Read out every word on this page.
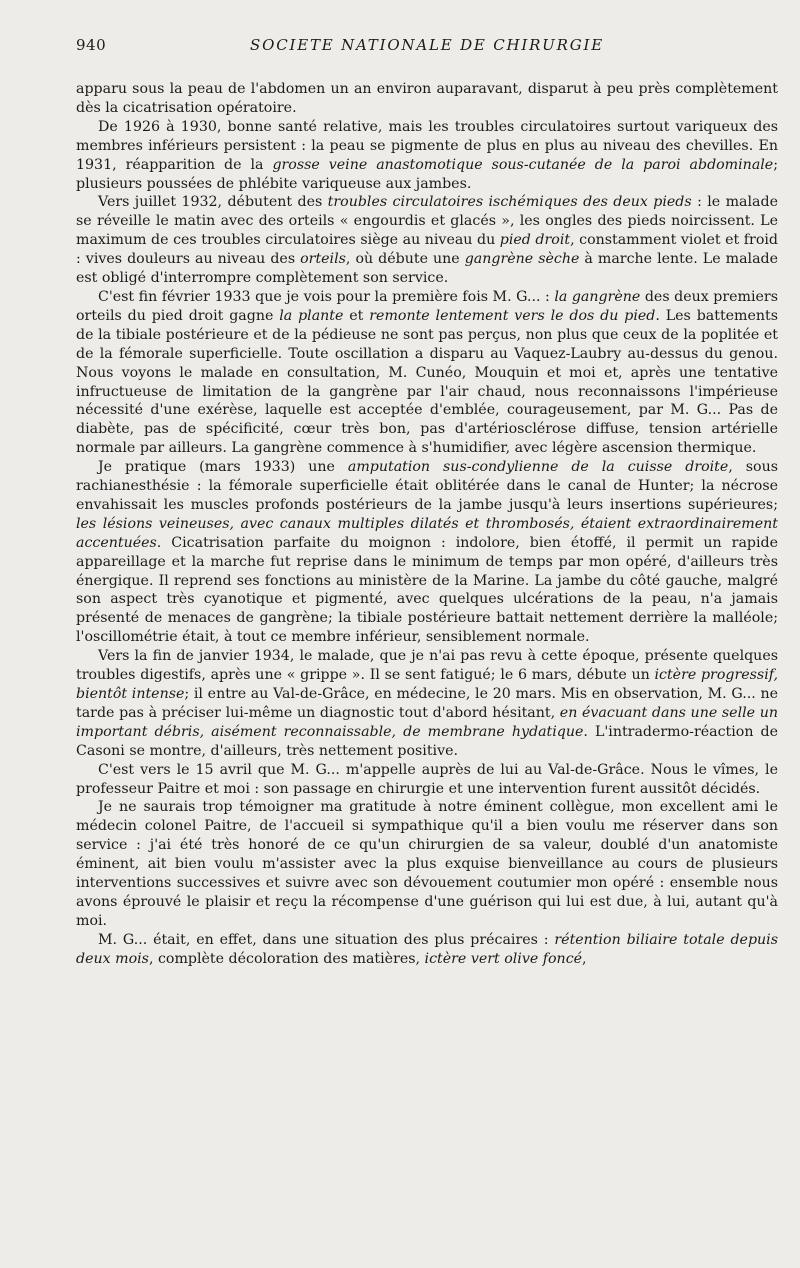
940	SOCIETE NATIONALE DE CHIRURGIE

apparu sous la peau de l'abdomen un an environ auparavant, disparut à peu près complètement dès la cicatrisation opératoire.

De 1926 à 1930, bonne santé relative, mais les troubles circulatoires surtout variqueux des membres inférieurs persistent : la peau se pigmente de plus en plus au niveau des chevilles. En 1931, réapparition de la grosse veine anastomotique sous-cutanée de la paroi abdominale; plusieurs poussées de phlébite variqueuse aux jambes.

Vers juillet 1932, débutent des troubles circulatoires ischémiques des deux pieds : le malade se réveille le matin avec des orteils « engourdis et glacés », les ongles des pieds noircissent. Le maximum de ces troubles circulatoires siège au niveau du pied droit, constamment violet et froid : vives douleurs au niveau des orteils, où débute une gangrène sèche à marche lente. Le malade est obligé d'interrompre complètement son service.

C'est fin février 1933 que je vois pour la première fois M. G... : la gangrène des deux premiers orteils du pied droit gagne la plante et remonte lentement vers le dos du pied. Les battements de la tibiale postérieure et de la pédieuse ne sont pas perçus, non plus que ceux de la poplitée et de la fémorale superficielle. Toute oscillation a disparu au Vaquez-Laubry au-dessus du genou. Nous voyons le malade en consultation, M. Cunéo, Mouquin et moi et, après une tentative infructueuse de limitation de la gangrène par l'air chaud, nous reconnaissons l'impérieuse nécessité d'une exérèse, laquelle est acceptée d'emblée, courageusement, par M. G... Pas de diabète, pas de spécificité, cœur très bon, pas d'artériosclérose diffuse, tension artérielle normale par ailleurs. La gangrène commence à s'humidifier, avec légère ascension thermique.

Je pratique (mars 1933) une amputation sus-condylienne de la cuisse droite, sous rachianesthésie : la fémorale superficielle était oblitérée dans le canal de Hunter; la nécrose envahissait les muscles profonds postérieurs de la jambe jusqu'à leurs insertions supérieures; les lésions veineuses, avec canaux multiples dilatés et thrombosés, étaient extraordinairement accentuées. Cicatrisation parfaite du moignon : indolore, bien étoffé, il permit un rapide appareillage et la marche fut reprise dans le minimum de temps par mon opéré, d'ailleurs très énergique. Il reprend ses fonctions au ministère de la Marine. La jambe du côté gauche, malgré son aspect très cyanotique et pigmenté, avec quelques ulcérations de la peau, n'a jamais présenté de menaces de gangrène; la tibiale postérieure battait nettement derrière la malléole; l'oscillométrie était, à tout ce membre inférieur, sensiblement normale.

Vers la fin de janvier 1934, le malade, que je n'ai pas revu à cette époque, présente quelques troubles digestifs, après une « grippe ». Il se sent fatigué; le 6 mars, débute un ictère progressif, bientôt intense; il entre au Val-de-Grâce, en médecine, le 20 mars. Mis en observation, M. G... ne tarde pas à préciser lui-même un diagnostic tout d'abord hésitant, en évacuant dans une selle un important débris, aisément reconnaissable, de membrane hydatique. L'intradermo-réaction de Casoni se montre, d'ailleurs, très nettement positive.

C'est vers le 15 avril que M. G... m'appelle auprès de lui au Val-de-Grâce. Nous le vîmes, le professeur Paitre et moi : son passage en chirurgie et une intervention furent aussitôt décidés.

Je ne saurais trop témoigner ma gratitude à notre éminent collègue, mon excellent ami le médecin colonel Paitre, de l'accueil si sympathique qu'il a bien voulu me réserver dans son service : j'ai été très honoré de ce qu'un chirurgien de sa valeur, doublé d'un anatomiste éminent, ait bien voulu m'assister avec la plus exquise bienveillance au cours de plusieurs interventions successives et suivre avec son dévouement coutumier mon opéré : ensemble nous avons éprouvé le plaisir et reçu la récompense d'une guérison qui lui est due, à lui, autant qu'à moi.

M. G... était, en effet, dans une situation des plus précaires : rétention biliaire totale depuis deux mois, complète décoloration des matières, ictère vert olive foncé,
